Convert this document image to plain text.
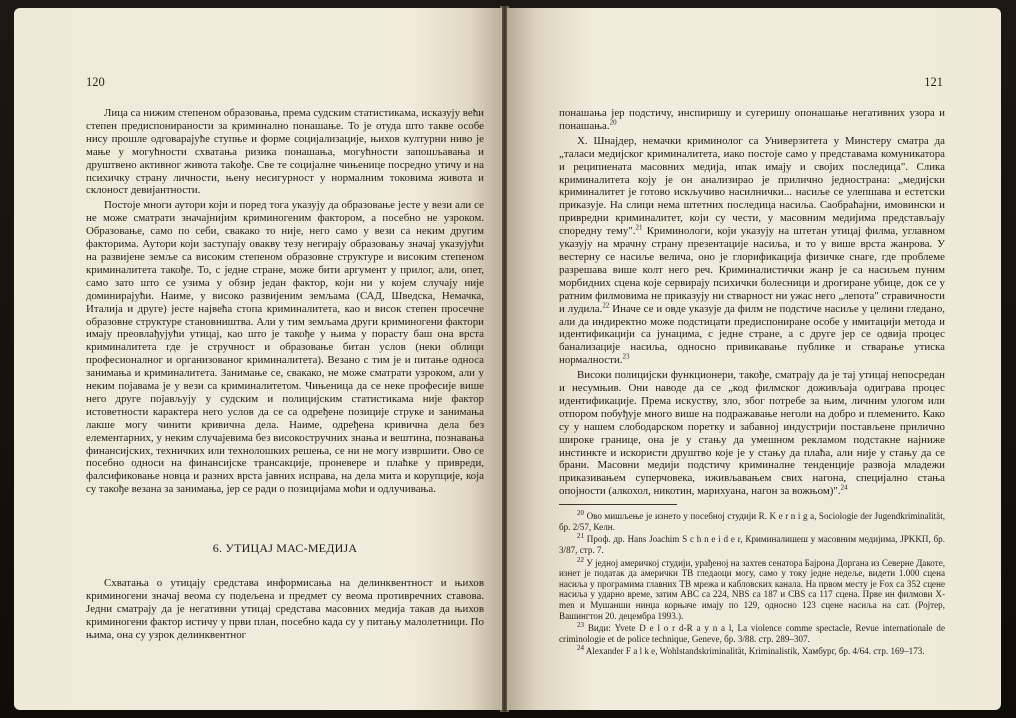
120

Лица са нижим степеном образовања, према судским статистикама, исказују већи степен предиспонираности за криминално понашање. То је отуда што такве особе нису прошле одговарајуће ступње и форме социјализације, њихов културни ниво је мање у могућности схватања ризика понашања, могућности запошљавања и друштвено активног живота таkoђе. Све те социјалне чињенице посредно утичу и на психичку страну личности, њену несигурност у нормалним токовима живота и склоност девијантности.

Постоје многи аутори који и поред тога указују да образовање јесте у вези али се не може сматрати значајнијим криминогеним фактором, а посебно не узроком. Образовање, само по себи, свакако то није, него само у вези са неким другим факторима. Аутори који заступају овакву тезу негирају образовању значај указујући на развијене земље са високим степеном образовне структуре и високим степеном криминалитета такође. То, с једне стране, може бити аргумент у прилог, али, опет, само зато што се узима у обзир један фактор, који ни у којем случају није доминирајући. Наиме, у високо развијеним земљама (САД, Шведска, Немачка, Италија и друге) јесте највећа стопа криминалитета, као и висок степен просечне образовне структуре становништва. Али у тим земљама други криминогени фактори имају преовлађујући утицај, као што је такође у њима у порасту баш она врста криминалитета где је стручност и образовање битан услов (неки облици професионалног и организованог криминалитета). Везано с тим је и питање односа занимања и криминалитета. Занимање се, свакако, не може сматрати узроком, али у неким појавама је у вези са криминалитетом. Чињеница да се неке професије више него друге појављују у судским и полицијским статистикама није фактор истоветности карактера него услов да се са одређене позиције струке и занимања лакше могу чинити кривична дела. Наиме, одређена кривична дела без елементарних, у неким случајевима без високостручних знања и вештина, познавања финансијских, техничких или технолошких решења, се ни не могу извршити. Ово се посебно односи на финансијске трансакције, проневере и плаћке у привреди, фалсификовање новца и разних врста јавних исправа, на дела мита и корупције, која су такође везана за занимања, јер се ради о позицијама моћи и одлучивања.

6. УТИЦАЈ МАС-МЕДИЈА

Схватања о утицају средстава информисања на делинквентност и њихов криминогени значај веома су подељена и предмет су веома противречних ставова. Једни сматрају да је негативни утицај средстава масовних медија такав да њихов криминогени фактор истичу у први план, посебно када су у питању малолетници. По њима, она су узрок делинквентног

121

понашања јер подстичу, инспиришу и сугеришу опонашање негативних узора и понашања.$^{20}$

Х. Шнајдер, немачки криминолог са Универзитета у Минстеру сматра да „таласи медијског криминалитета, иако постоје само у представама комуникатора и реципиената масовних медија, ипак имају и својих последица". Слика криминалитета коју је он анализирао је прилично једнострана: „медијски криминалитет је готово искључиво насилнички... насиље се улепшава и естетски приказује. На слици нема штетних последица насиља. Саобраћајни, имовински и привредни криминалитет, који су чести, у масовним медијима представљају споредну тему".$^{21}$ Криминологи, који указују на штетан утицај филма, углавном указују на мрачну страну презентације насиља, и то у више врста жанрова. У вестерну се насиље велича, оно је глорификација физичке снаге, где проблеме разрешава више колт него реч. Криминалистички жанр је са насиљем пуним морбидних сцена које сервирају психички болесници и дрогиране убице, док се у ратним филмовима не приказују ни стварност ни ужас него „лепота" стравичности и лудила.$^{22}$ Иначе се и овде указује да филм не подстиче насиље у целини гледано, али да индиректно може подстицати предиспониране особе у имитацији метода и идентификацији са јунацима, с једне стране, а с друге јер се одвија процес банализације насиља, односно привикавање публике и стварање утиска нормалности.$^{23}$

Високи полицијски функционери, такође, сматрају да је тај утицај непосредан и несумњив. Они наводе да се „код филмског доживљаја одиграва процес идентификације. Према искуству, зло, због потребе за њим, личним улогом или отпором побуђује много више на подражавање неголи на добро и племенито. Како су у нашем слободарском поретку и забавној индустрији постављене прилично широке границе, она је у стању да умешном рекламом подстакне најниже инстинкте и искористи друштво које је у стању да плаћа, али није у стању да се брани. Масовни медији подстичу криминалне тенденције развоја младежи приказивањем суперчовека, иживљавањем свих нагона, специјално стања опојности (алкохол, никотин, марихуана, нагон за вожњом)".$^{24}$

$^{20}$ Ово мишљење је изнето у посебној студији R. K e r n i g a, Sociologie der Jugendkriminalität, бр. 2/57, Келн.

$^{21}$ Проф. др. Hans Joachim S c h n e i d e r, Криминалишеш у масовним медијима, JPKKП, бр. 3/87, стр. 7.

$^{22}$ У једној америчкој студији, урађеној на захтев сенатора Бајрона Доргана из Северне Дакоте, изнет је податак да амерички ТВ гледаоци могу, само у току једне недеље, видети 1.000 сцена насиља у програмима главних ТВ мрежа и кабловских канала. На првом месту је Fox са 352 сцене насиља у ударно време, затим ABC са 224, NBS са 187 и CBS са 117 сцена. Прве ин филмови X-men и Мушанши нинџа корњаче имају по 129, односно 123 сцене насиља на сат. (Ројтер, Вашингтон 20. децембра 1993.).

$^{23}$ Види: Yvete D e l o r d-R a y n a l, La violence comme spectacle, Revue internationale de criminologie et de police technique, Geneve, бр. 3/88. стр. 289–307.

$^{24}$ Alexander F a l k e, Wohlstandskriminalität, Kriminalistik, Хамбург, бр. 4/64. стр. 169–173.
